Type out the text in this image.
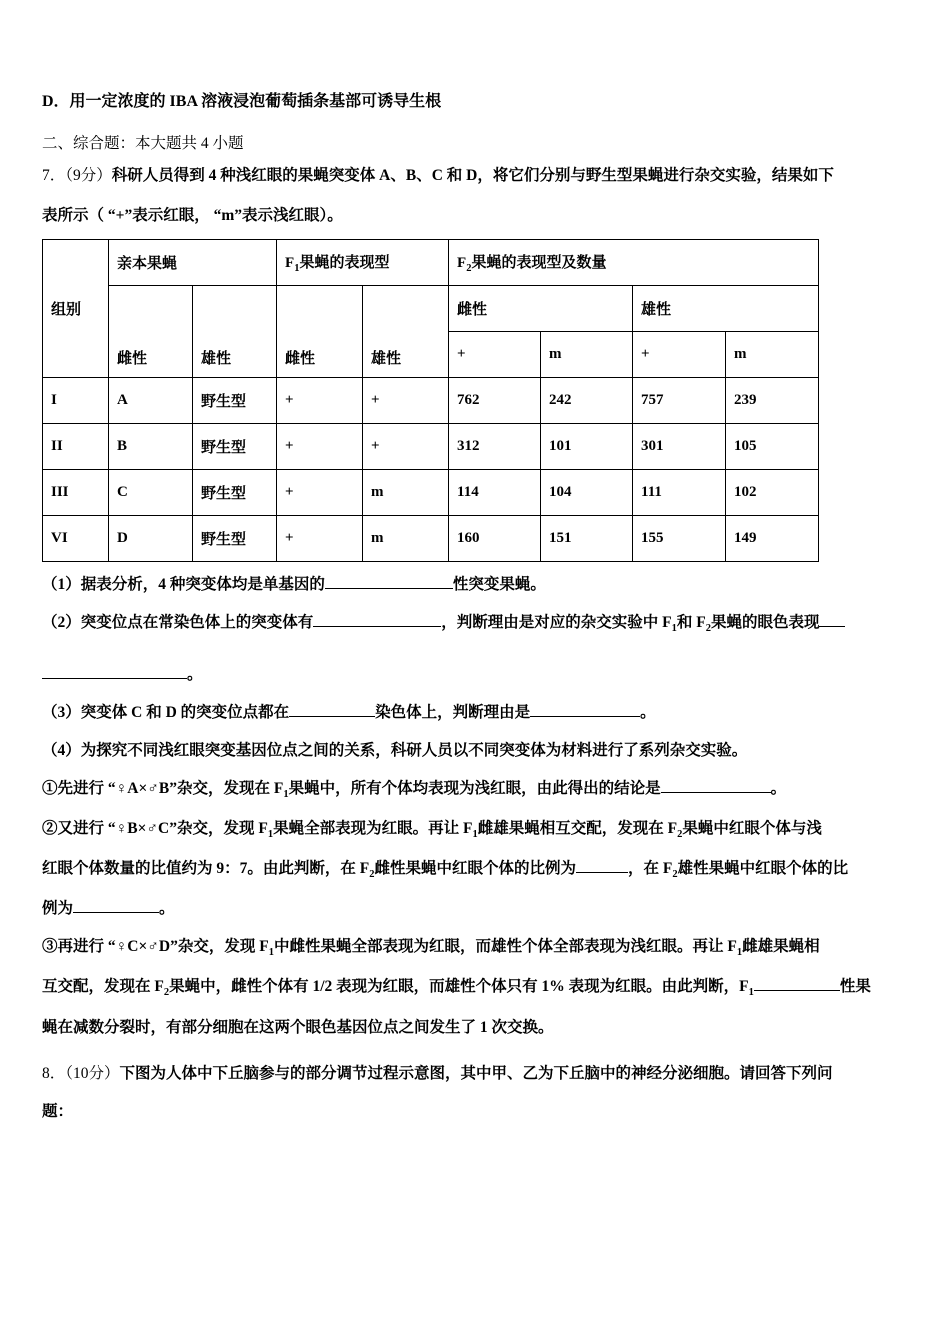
D．用一定浓度的 IBA 溶液浸泡葡萄插条基部可诱导生根
二、综合题：本大题共 4 小题
7．（9分）科研人员得到 4 种浅红眼的果蝇突变体 A、B、C 和 D，将它们分别与野生型果蝇进行杂交实验，结果如下
表所示（ “+”表示红眼， “m”表示浅红眼）。
组别	亲本果蝇		$F_1$果蝇的表现型		$F_2$果蝇的表现型及数量			
	雌性	雄性	雌性	雄性	雌性		雄性	
					+	m	+	m
I	A	野生型	+	+	762	242	757	239
II	B	野生型	+	+	312	101	301	105
III	C	野生型	+	m	114	104	111	102
VI	D	野生型	+	m	160	151	155	149
（1）据表分析，4 种突变体均是单基因的	性突变果蝇。
（2）突变位点在常染色体上的突变体有	，判断理由是对应的杂交实验中 $F_1$和 $F_2$果蝇的眼色表现
。
（3）突变体 C 和 D 的突变位点都在	染色体上，判断理由是	。
（4）为探究不同浅红眼突变基因位点之间的关系，科研人员以不同突变体为材料进行了系列杂交实验。
①先进行 “♀A×♂B”杂交，发现在 $F_1$果蝇中，所有个体均表现为浅红眼，由此得出的结论是	。
②又进行 “♀B×♂C”杂交，发现 $F_1$果蝇全部表现为红眼。再让 $F_1$雌雄果蝇相互交配，发现在 $F_2$果蝇中红眼个体与浅
红眼个体数量的比值约为 9：7。由此判断，在 $F_2$雌性果蝇中红眼个体的比例为	，在 $F_2$雄性果蝇中红眼个体的比
例为	。
③再进行 “♀C×♂D”杂交，发现 $F_1$中雌性果蝇全部表现为红眼，而雄性个体全部表现为浅红眼。再让 $F_1$雌雄果蝇相
互交配，发现在 $F_2$果蝇中，雌性个体有 1/2 表现为红眼，而雄性个体只有 1% 表现为红眼。由此判断，$F_1$	性果
蝇在减数分裂时，有部分细胞在这两个眼色基因位点之间发生了 1 次交换。
8．（10分）下图为人体中下丘脑参与的部分调节过程示意图，其中甲、乙为下丘脑中的神经分泌细胞。请回答下列问
题：
